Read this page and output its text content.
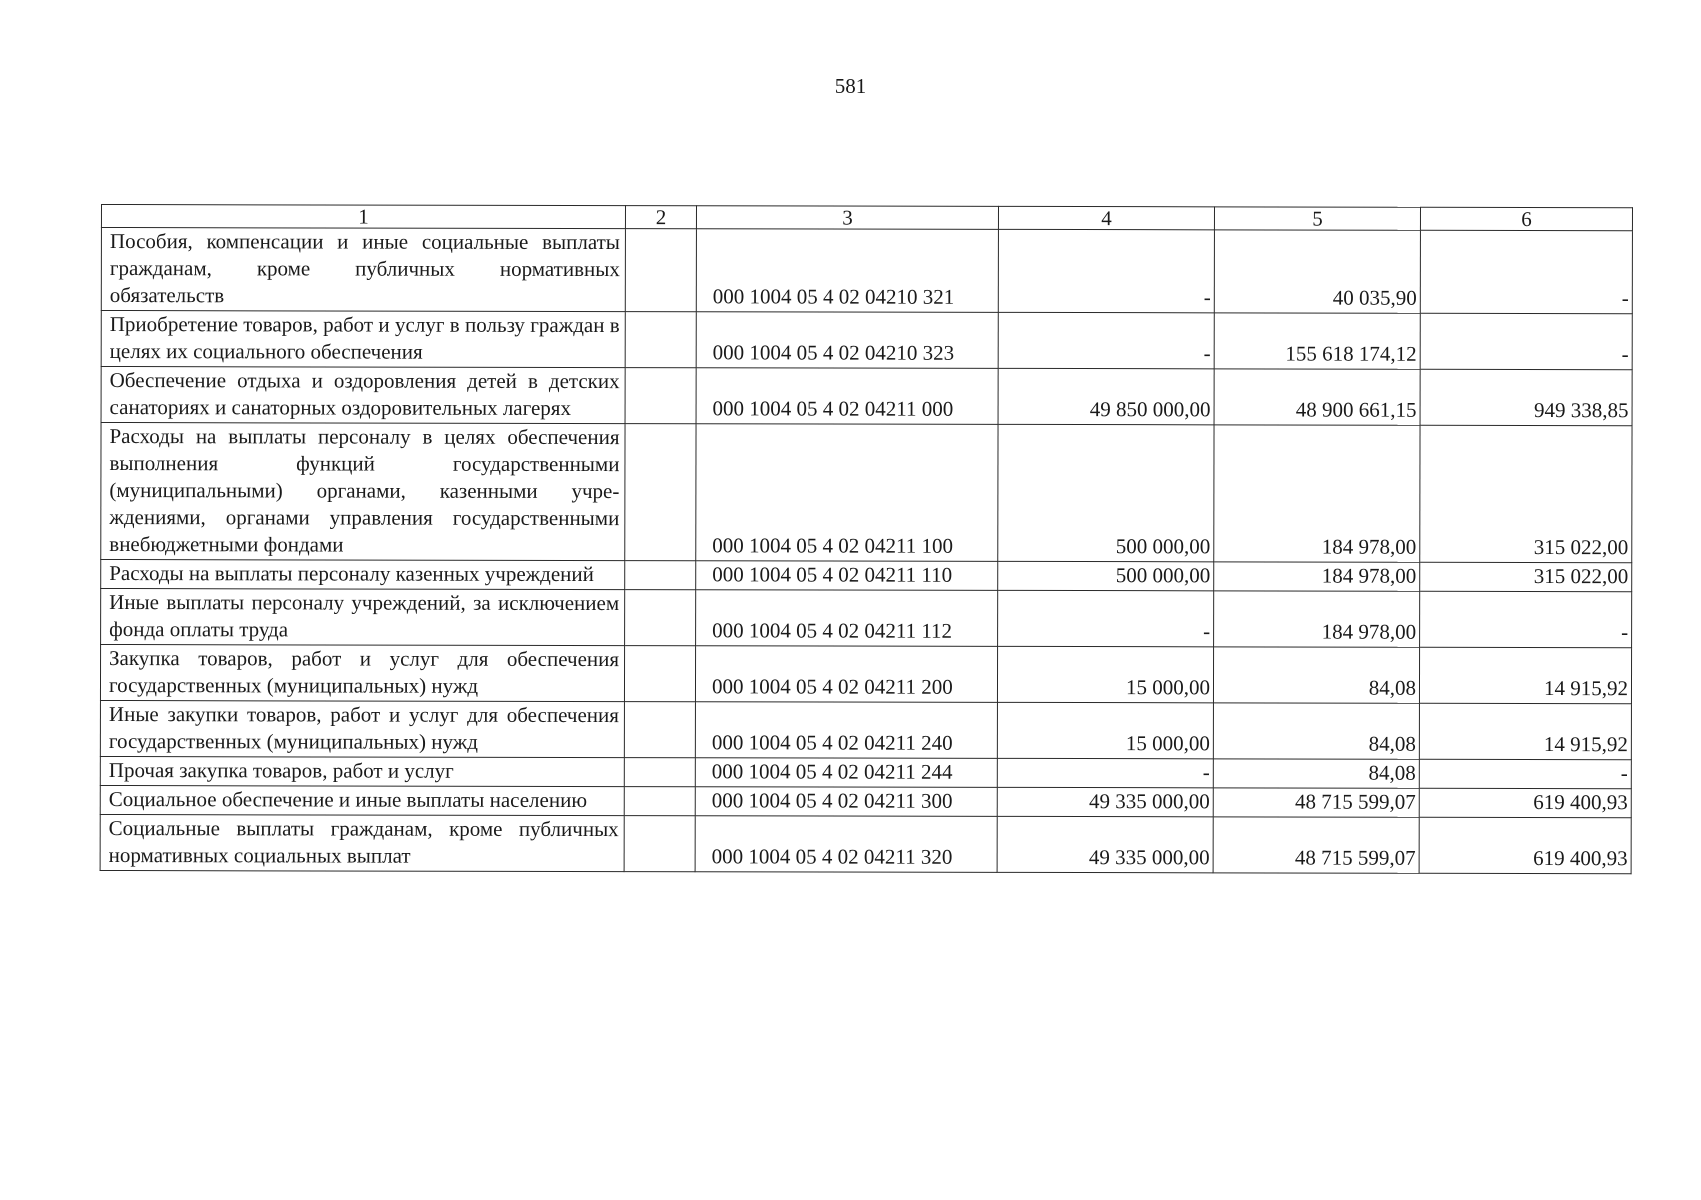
581
1	2	3	4	5	6
Пособия, компенсации и иные социальные выплаты гражданам, кроме публичных нормативных обязательств		000 1004 05 4 02 04210 321	-	40 035,90	-
Приобретение товаров, работ и услуг в пользу граждан в целях их социального обеспечения		000 1004 05 4 02 04210 323	-	155 618 174,12	-
Обеспечение отдыха и оздоровления детей в детских санаториях и санаторных оздоровительных лагерях		000 1004 05 4 02 04211 000	49 850 000,00	48 900 661,15	949 338,85
Расходы на выплаты персоналу в целях обеспечения выполнения функций государственными (муниципальными) органами, казенными учреждениями, органами управления государственными внебюджетными фондами		000 1004 05 4 02 04211 100	500 000,00	184 978,00	315 022,00
Расходы на выплаты персоналу казенных учреждений		000 1004 05 4 02 04211 110	500 000,00	184 978,00	315 022,00
Иные выплаты персоналу учреждений, за исключением фонда оплаты труда		000 1004 05 4 02 04211 112	-	184 978,00	-
Закупка товаров, работ и услуг для обеспечения государственных (муниципальных) нужд		000 1004 05 4 02 04211 200	15 000,00	84,08	14 915,92
Иные закупки товаров, работ и услуг для обеспечения государственных (муниципальных) нужд		000 1004 05 4 02 04211 240	15 000,00	84,08	14 915,92
Прочая закупка товаров, работ и услуг		000 1004 05 4 02 04211 244	-	84,08	-
Социальное обеспечение и иные выплаты населению		000 1004 05 4 02 04211 300	49 335 000,00	48 715 599,07	619 400,93
Социальные выплаты гражданам, кроме публичных нормативных социальных выплат		000 1004 05 4 02 04211 320	49 335 000,00	48 715 599,07	619 400,93
